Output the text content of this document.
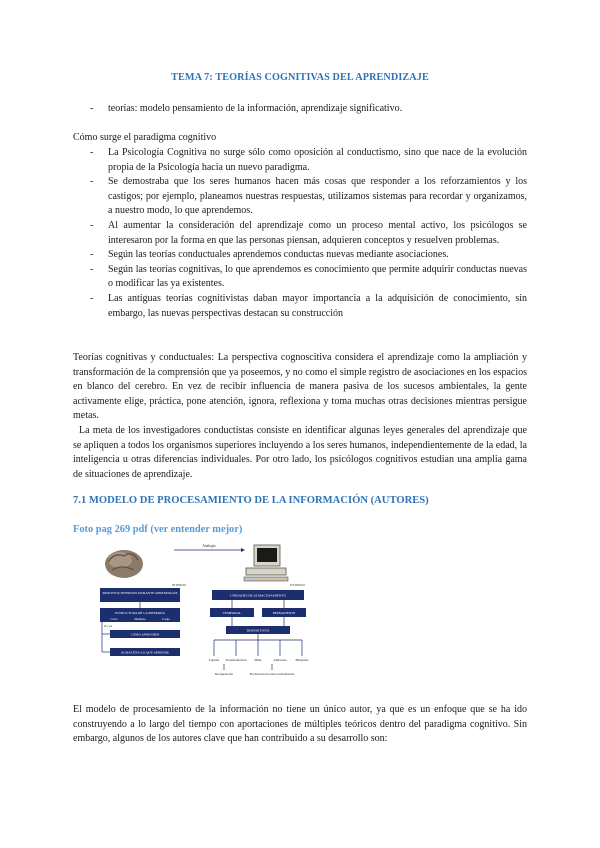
TEMA 7: TEORÍAS COGNITIVAS DEL APRENDIZAJE
- teorías: modelo pensamiento de la información, aprendizaje significativo.

Cómo surge el paradigma cognitivo

- La Psicología Cognitiva no surge sólo como oposición al conductismo, sino que nace de la evolución propia de la Psicología hacia un nuevo paradigma.
- Se demostraba que los seres humanos hacen más cosas que responder a los reforzamientos y los castigos; por ejemplo, planeamos nuestras respuestas, utilizamos sistemas para recordar y organizamos, a nuestro modo, lo que aprendemos.
- Al aumentar la consideración del aprendizaje como un proceso mental activo, los psicólogos se interesaron por la forma en que las personas piensan, adquieren conceptos y resuelven problemas.
- Según las teorías conductuales aprendemos conductas nuevas mediante asociaciones.
- Según las teorías cognitivas, lo que aprendemos es conocimiento que permite adquirir conductas nuevas o modificar las ya existentes.
- Las antiguas teorías cognitivistas daban mayor importancia a la adquisición de conocimiento, sin embargo, las nuevas perspectivas destacan su construcción

Teorías cognitivas y conductuales: La perspectiva cognoscitiva considera el aprendizaje como la ampliación y transformación de la comprensión que ya poseemos, y no como el simple registro de asociaciones en los espacios en blanco del cerebro. En vez de recibir influencia de manera pasiva de los sucesos ambientales, la gente activamente elige, práctica, pone atención, ignora, reflexiona y toma muchas otras decisiones mientras persigue metas.

La meta de los investigadores conductistas consiste en identificar algunas leyes generales del aprendizaje que se apliquen a todos los organismos superiores incluyendo a los seres humanos, independientemente de la edad, la inteligencia u otras diferencias individuales. Por otro lado, los psicólogos cognitivos estudian una amplia gama de situaciones de aprendizaje.

7.1 MODELO DE PROCESAMIENTO DE LA INFORMACIÓN (AUTORES)
Foto pag 269 pdf (ver entender mejor)
Analogía
INTERNO
PROCESOS INTERNOS DURANTE APRENDIZAJE
ESTRUCTURA DE LA MEMORIA
Corto	Mediano	Largo
Por ser
CÓMO APRENDER
ALMACENA LO QUE APRENDE
EXTERNO
UNIDADES DE ALMACENAMIENTO
TEMPORAL	PERMANENTE
DISPOSITIVOS
Captura Transformación Mide	Almacena	Búsqueda
Recuperación	Producción de nueva información

El modelo de procesamiento de la información no tiene un único autor, ya que es un enfoque que se ha ido construyendo a lo largo del tiempo con aportaciones de múltiples teóricos dentro del paradigma cognitivo. Sin embargo, algunos de los autores clave que han contribuido a su desarrollo son:
